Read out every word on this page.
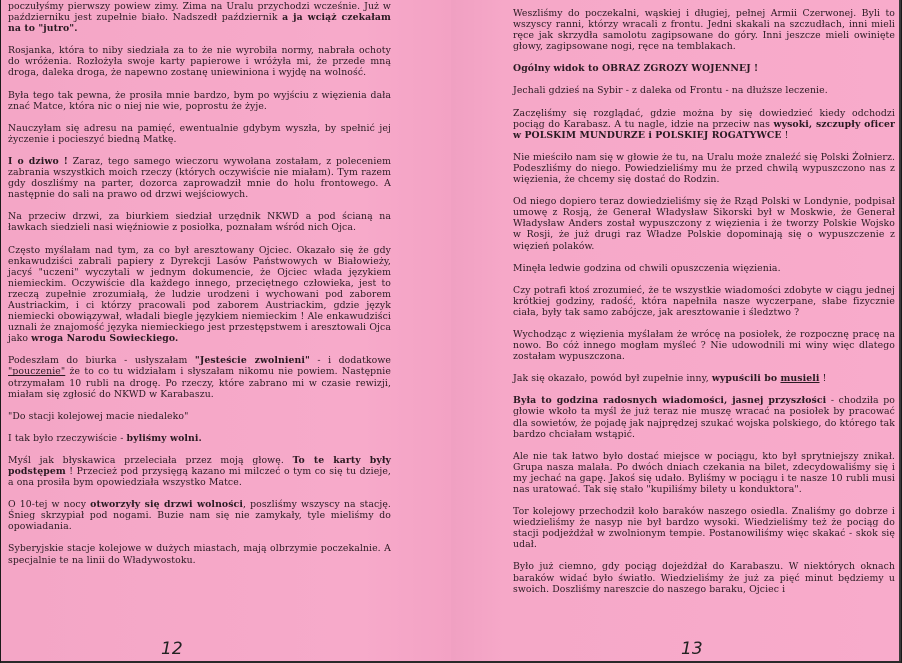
poczułyśmy pierwszy powiew zimy. Zima na Uralu przychodzi wcześnie. Już w październiku jest zupełnie biało. Nadszedł październik a ja wciąż czekałam na to "jutro".

Rosjanka, która to niby siedziała za to że nie wyrobiła normy, nabrała ochoty do wróżenia. Rozłożyła swoje karty papierowe i wróżyła mi, że przede mną droga, daleka droga, że napewno zostanę uniewiniona i wyjdę na wolność.

Była tego tak pewna, że prosiła mnie bardzo, bym po wyjściu z więzienia dała znać Matce, która nic o niej nie wie, poprostu że żyje.

Nauczyłam się adresu na pamięć, ewentualnie gdybym wyszła, by spełnić jej życzenie i pocieszyć biedną Matkę.

I o dziwo ! Zaraz, tego samego wieczoru wywołana zostałam, z poleceniem zabrania wszystkich moich rzeczy (których oczywiście nie miałam). Tym razem gdy doszliśmy na parter, dozorca zaprowadził mnie do holu frontowego. A następnie do sali na prawo od drzwi wejściowych.

Na przeciw drzwi, za biurkiem siedział urzędnik NKWD a pod ścianą na ławkach siedzieli nasi więźniowie z posiołka, poznałam wśród nich Ojca.

Często myślałam nad tym, za co był aresztowany Ojciec. Okazało się że gdy enkawudziści zabrali papiery z Dyrekcji Lasów Państwowych w Białowieży, jacyś "uczeni" wyczytali w jednym dokumencie, że Ojciec włada językiem niemieckim. Oczywiście dla każdego innego, przeciętnego człowieka, jest to rzeczą zupełnie zrozumiałą, że ludzie urodzeni i wychowani pod zaborem Austriackim, i ci którzy pracowali pod zaborem Austriackim, gdzie język niemiecki obowiązywał, władali biegle językiem niemieckim ! Ale enkawudziści uznali że znajomość języka niemieckiego jest przestępstwem i aresztowali Ojca jako wroga Narodu Sowieckiego.

Podeszłam do biurka - usłyszałam "Jesteście zwolnieni" - i dodatkowe "pouczenie" że to co tu widziałam i słyszałam nikomu nie powiem. Następnie otrzymałam 10 rubli na drogę. Po rzeczy, które zabrano mi w czasie rewizji, miałam się zgłosić do NKWD w Karabaszu.

"Do stacji kolejowej macie niedaleko"

I tak było rzeczywiście - byliśmy wolni.

Myśl jak błyskawica przeleciała przez moją głowę. To te karty były podstępem ! Przecież pod przysięgą kazano mi milczeć o tym co się tu dzieje, a ona prosiła bym opowiedziała wszystko Matce.

O 10-tej w nocy otworzyły się drzwi wolności, poszliśmy wszyscy na stację. Śnieg skrzypiał pod nogami. Buzie nam się nie zamykały, tyle mieliśmy do opowiadania.

Syberyjskie stacje kolejowe w dużych miastach, mają olbrzymie poczekalnie. A specjalnie te na linii do Władywostoku.

12

Weszliśmy do poczekalni, wąskiej i długiej, pełnej Armii Czerwonej. Byli to wszyscy ranni, którzy wracali z frontu. Jedni skakali na szczudłach, inni mieli ręce jak skrzydła samolotu zagipsowane do góry. Inni jeszcze mieli owinięte głowy, zagipsowane nogi, ręce na temblakach.

Ogólny widok to OBRAZ ZGROZY WOJENNEJ !

Jechali gdzieś na Sybir - z daleka od Frontu - na dłuższe leczenie.

Zaczęliśmy się rozglądać, gdzie można by się dowiedzieć kiedy odchodzi pociąg do Karabasz. A tu nagle, idzie na przeciw nas wysoki, szczupły oficer w POLSKIM MUNDURZE i POLSKIEJ ROGATYWCE !

Nie mieściło nam się w głowie że tu, na Uralu może znaleźć się Polski Żołnierz. Podeszliśmy do niego. Powiedzieliśmy mu że przed chwilą wypuszczono nas z więzienia, że chcemy się dostać do Rodzin.

Od niego dopiero teraz dowiedzieliśmy się że Rząd Polski w Londynie, podpisał umowę z Rosją, że Generał Władysław Sikorski był w Moskwie, że Generał Władysław Anders został wypuszczony z więzienia i że tworzy Polskie Wojsko w Rosji, że już drugi raz Władze Polskie dopominają się o wypuszczenie z więzień polaków.

Minęła ledwie godzina od chwili opuszczenia więzienia.

Czy potrafi ktoś zrozumieć, że te wszystkie wiadomości zdobyte w ciągu jednej krótkiej godziny, radość, która napełniła nasze wyczerpane, słabe fizycznie ciała, były tak samo zabójcze, jak aresztowanie i śledztwo ?

Wychodząc z więzienia myślałam że wrócę na posiołek, że rozpocznę pracę na nowo. Bo cóż innego mogłam myśleć ? Nie udowodnili mi winy więc dlatego zostałam wypuszczona.

Jak się okazało, powód był zupełnie inny, wypuścili bo musieli !

Była to godzina radosnych wiadomości, jasnej przyszłości - chodziła po głowie wkoło ta myśl że już teraz nie muszę wracać na posiołek by pracować dla sowietów, że pojadę jak najprędzej szukać wojska polskiego, do którego tak bardzo chciałam wstąpić.

Ale nie tak łatwo było dostać miejsce w pociągu, kto był sprytniejszy znikał. Grupa nasza malała. Po dwóch dniach czekania na bilet, zdecydowaliśmy się i my jechać na gapę. Jakoś się udało. Byliśmy w pociągu i te nasze 10 rubli musi nas uratować. Tak się stało "kupiliśmy bilety u konduktora".

Tor kolejowy przechodził koło baraków naszego osiedla. Znaliśmy go dobrze i wiedzieliśmy że nasyp nie był bardzo wysoki. Wiedzieliśmy też że pociąg do stacji podjeżdżał w zwolnionym tempie. Postanowiliśmy więc skakać - skok się udał.

Było już ciemno, gdy pociąg dojeżdżał do Karabaszu. W niektórych oknach baraków widać było światło. Wiedzieliśmy że już za pięć minut będziemy u swoich. Doszliśmy nareszcie do naszego baraku, Ojciec i

13
